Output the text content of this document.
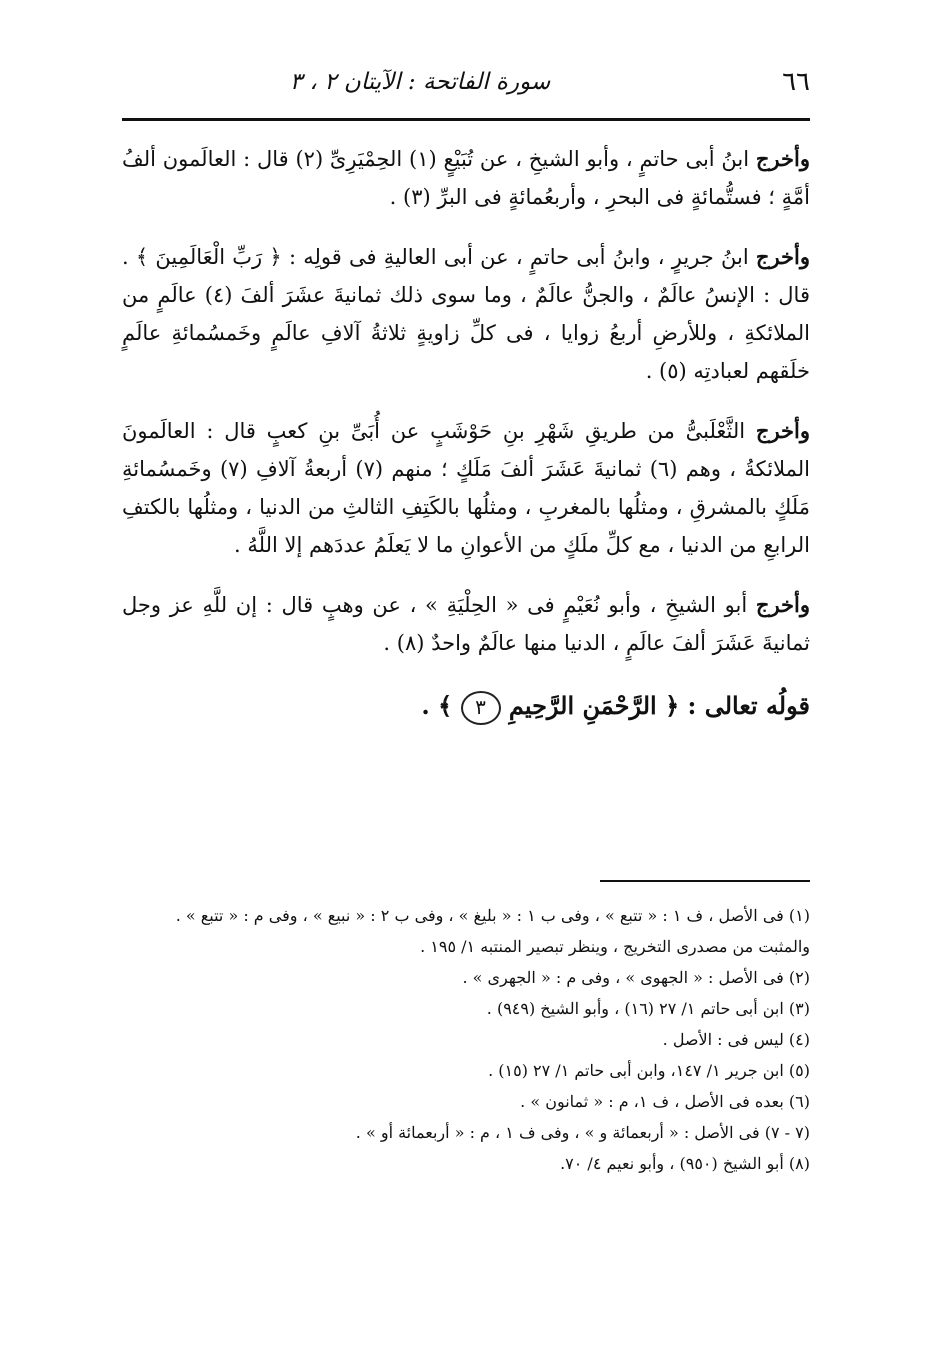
٦٦
سورة الفاتحة : الآيتان ٢ ، ٣

وأخرج ابنُ أبى حاتمٍ ، وأبو الشيخِ ، عن تُبَيْعٍ (١) الحِمْيَرِىِّ (٢) قال : العالَمون ألفُ أمَّةٍ ؛ فستُّمائةٍ فى البحرِ ، وأربعُمائةٍ فى البرِّ (٣) .

وأخرج ابنُ جريرٍ ، وابنُ أبى حاتمٍ ، عن أبى العاليةِ فى قولِه : ﴿ رَبِّ الْعَالَمِينَ ﴾ . قال : الإنسُ عالَمٌ ، والجنُّ عالَمٌ ، وما سوى ذلك ثمانيةَ عشَرَ ألفَ (٤) عالَمٍ من الملائكةِ ، وللأرضِ أربعُ زوايا ، فى كلِّ زاويةٍ ثلاثةُ آلافِ عالَمٍ وخَمسُمائةِ عالَمٍ خلَقهم لعبادتِه (٥) .

وأخرج الثَّعْلَبىُّ من طريقِ شَهْرِ بنِ حَوْشَبٍ عن أُبَىِّ بنِ كعبٍ قال : العالَمونَ الملائكةُ ، وهم (٦) ثمانيةَ عَشَرَ ألفَ مَلَكٍ ؛ منهم (٧) أربعةُ آلافِ (٧) وخَمسُمائةِ مَلَكٍ بالمشرقِ ، ومثلُها بالمغربِ ، ومثلُها بالكَتِفِ الثالثِ من الدنيا ، ومثلُها بالكتفِ الرابعِ من الدنيا ، مع كلِّ ملَكٍ من الأعوانِ ما لا يَعلَمُ عددَهم إلا اللَّهُ .

وأخرج أبو الشيخِ ، وأبو نُعَيْمٍ فى « الحِلْيَةِ » ، عن وهبٍ قال : إن للَّهِ عز وجل ثمانيةَ عَشَرَ ألفَ عالَمٍ ، الدنيا منها عالَمٌ واحدٌ (٨) .

قولُه تعالى : ﴿ الرَّحْمَنِ الرَّحِيمِ ٣ ﴾ .

(١) فى الأصل ، ف ١ : « تتبع » ، وفى ب ١ : « بليغ » ، وفى ب ٢ : « نبيع » ، وفى م : « تتبع » . والمثبت من مصدرى التخريج ، وينظر تبصير المنتبه ١/ ١٩٥ .

(٢) فى الأصل : « الجهوى » ، وفى م : « الجهرى » .

(٣) ابن أبى حاتم ١/ ٢٧ (١٦) ، وأبو الشيخ (٩٤٩) .

(٤) ليس فى : الأصل .

(٥) ابن جرير ١/ ١٤٧، وابن أبى حاتم ١/ ٢٧ (١٥) .

(٦) بعده فى الأصل ، ف ١، م : « ثمانون » .

(٧ - ٧) فى الأصل : « أربعمائة و » ، وفى ف ١ ، م : « أربعمائة أو » .

(٨) أبو الشيخ (٩٥٠) ، وأبو نعيم ٤/ ٧٠.
